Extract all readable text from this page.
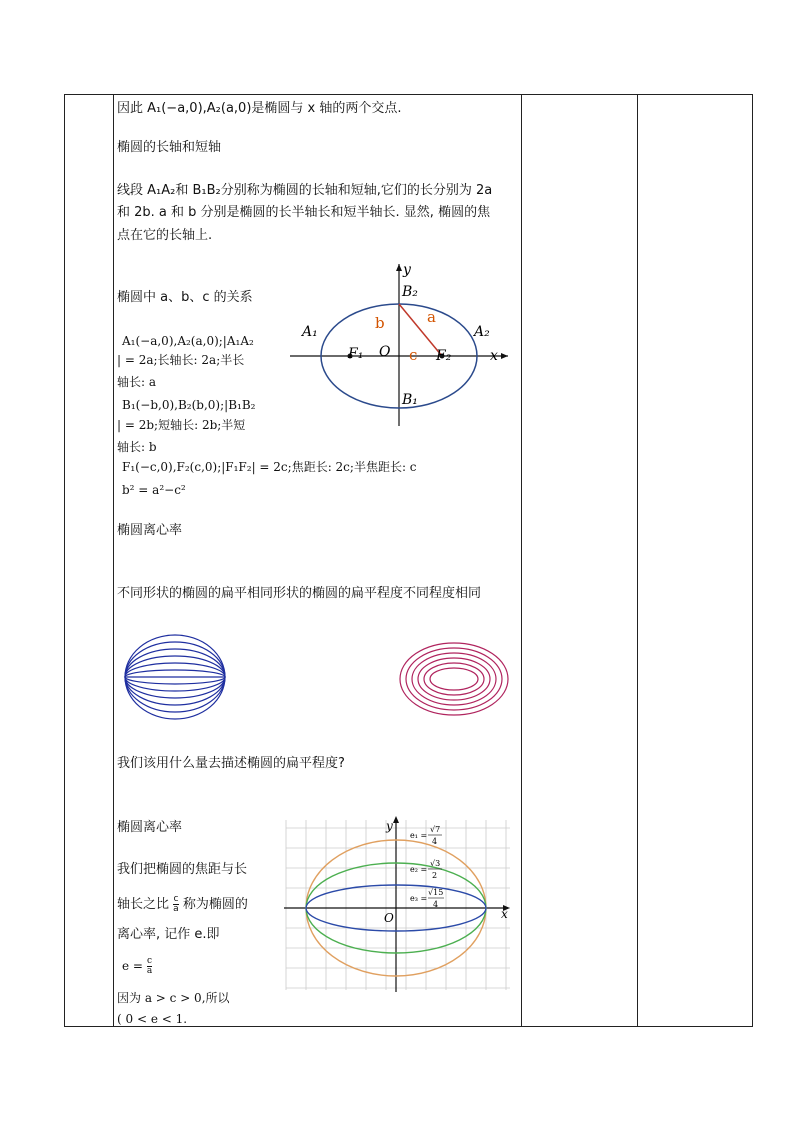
因此 A₁(−a,0),A₂(a,0)是椭圆与 x 轴的两个交点.
椭圆的长轴和短轴
线段 A₁A₂和 B₁B₂分别称为椭圆的长轴和短轴,它们的长分别为 2a
和 2b. a 和 b 分别是椭圆的长半轴长和短半轴长. 显然, 椭圆的焦
点在它的长轴上.
椭圆中 a、b、c 的关系
A₁(−a,0),A₂(a,0);|A₁A₂
| = 2a;长轴长: 2a;半长
轴长: a
B₁(−b,0),B₂(b,0);|B₁B₂
| = 2b;短轴长: 2b;半短
轴长: b
F₁(−c,0),F₂(c,0);|F₁F₂| = 2c;焦距长: 2c;半焦距长: c
b² = a²−c²
椭圆离心率
不同形状的椭圆的扁平相同形状的椭圆的扁平程度不同程度相同
y
x
B₂
B₁
A₁	A₂
F₁	F₂
O
a
b
c
我们该用什么量去描述椭圆的扁平程度?
椭圆离心率
我们把椭圆的焦距与长
轴长之比 $\frac{c}{a}$ 称为椭圆的
离心率, 记作 e.即
$e = \frac{c}{a}$
因为 a > c > 0,所以
( 0 < e < 1.
y
x
O
e₁ =
√7
4
e₂ =
√3
2
e₃ =
√15
4
